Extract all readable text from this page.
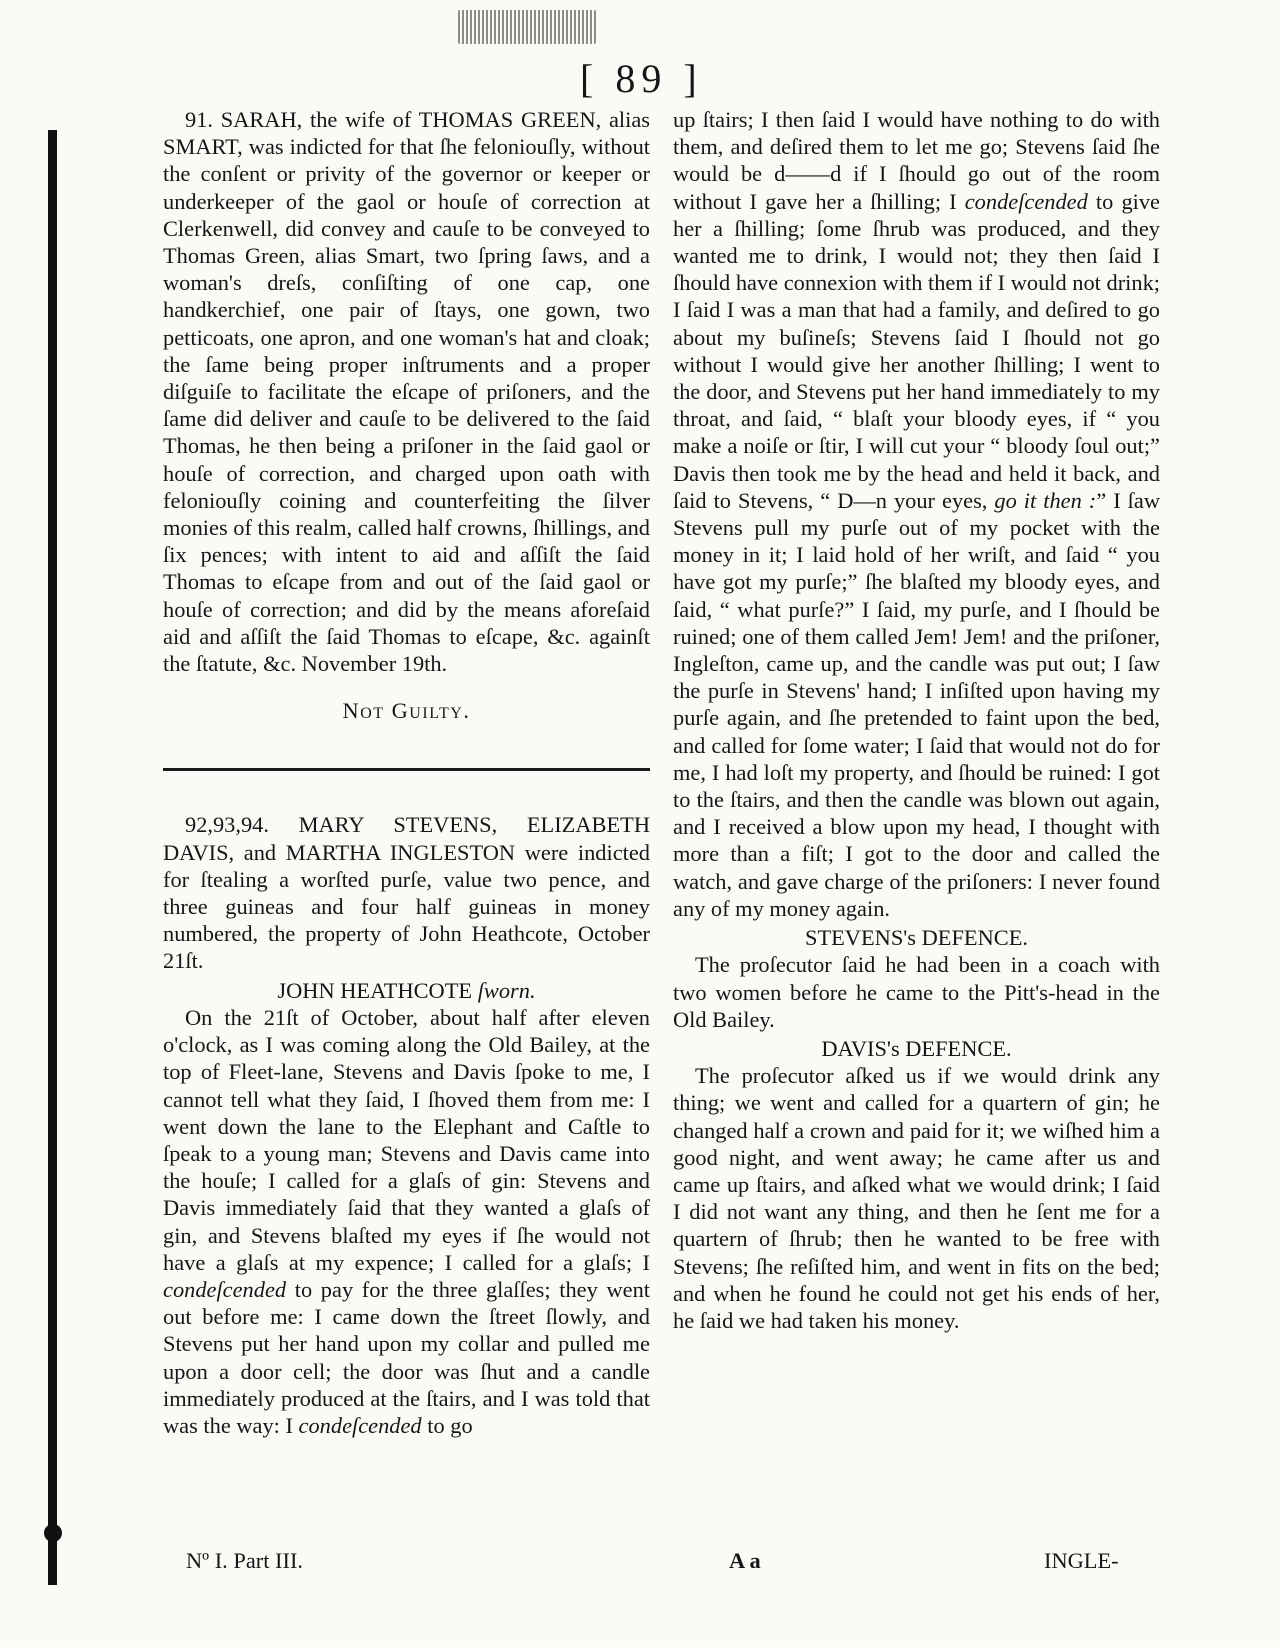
[ 89 ]

91. SARAH, the wife of THOMAS GREEN, alias SMART, was indicted for that ſhe feloniouſly, without the conſent or privity of the governor or keeper or underkeeper of the gaol or houſe of correction at Clerkenwell, did convey and cauſe to be conveyed to Thomas Green, alias Smart, two ſpring ſaws, and a woman's dreſs, conſiſting of one cap, one handkerchief, one pair of ſtays, one gown, two petticoats, one apron, and one woman's hat and cloak; the ſame being proper inſtruments and a proper diſguiſe to facilitate the eſcape of priſoners, and the ſame did deliver and cauſe to be delivered to the ſaid Thomas, he then being a priſoner in the ſaid gaol or houſe of correction, and charged upon oath with feloniouſly coining and counterfeiting the ſilver monies of this realm, called half crowns, ſhillings, and ſix pences; with intent to aid and aſſiſt the ſaid Thomas to eſcape from and out of the ſaid gaol or houſe of correction; and did by the means aforeſaid aid and aſſiſt the ſaid Thomas to eſcape, &c. againſt the ſtatute, &c. November 19th.

Not Guilty.

92,93,94. MARY STEVENS, ELIZABETH DAVIS, and MARTHA INGLESTON were indicted for ſtealing a worſted purſe, value two pence, and three guineas and four half guineas in money numbered, the property of John Heathcote, October 21ſt.

JOHN HEATHCOTE ſworn.

On the 21ſt of October, about half after eleven o'clock, as I was coming along the Old Bailey, at the top of Fleet-lane, Stevens and Davis ſpoke to me, I cannot tell what they ſaid, I ſhoved them from me: I went down the lane to the Elephant and Caſtle to ſpeak to a young man; Stevens and Davis came into the houſe; I called for a glaſs of gin: Stevens and Davis immediately ſaid that they wanted a glaſs of gin, and Stevens blaſted my eyes if ſhe would not have a glaſs at my expence; I called for a glaſs; I condeſcended to pay for the three glaſſes; they went out before me: I came down the ſtreet ſlowly, and Stevens put her hand upon my collar and pulled me upon a door cell; the door was ſhut and a candle immediately produced at the ſtairs, and I was told that was the way: I condeſcended to go

up ſtairs; I then ſaid I would have nothing to do with them, and deſired them to let me go; Stevens ſaid ſhe would be d——d if I ſhould go out of the room without I gave her a ſhilling; I condeſcended to give her a ſhilling; ſome ſhrub was produced, and they wanted me to drink, I would not; they then ſaid I ſhould have connexion with them if I would not drink; I ſaid I was a man that had a family, and deſired to go about my buſineſs; Stevens ſaid I ſhould not go without I would give her another ſhilling; I went to the door, and Stevens put her hand immediately to my throat, and ſaid, “ blaſt your bloody eyes, if “ you make a noiſe or ſtir, I will cut your “ bloody ſoul out;” Davis then took me by the head and held it back, and ſaid to Stevens, “ D—n your eyes, go it then :” I ſaw Stevens pull my purſe out of my pocket with the money in it; I laid hold of her wriſt, and ſaid “ you have got my purſe;” ſhe blaſted my bloody eyes, and ſaid, “ what purſe?” I ſaid, my purſe, and I ſhould be ruined; one of them called Jem! Jem! and the priſoner, Ingleſton, came up, and the candle was put out; I ſaw the purſe in Stevens' hand; I inſiſted upon having my purſe again, and ſhe pretended to faint upon the bed, and called for ſome water; I ſaid that would not do for me, I had loſt my property, and ſhould be ruined: I got to the ſtairs, and then the candle was blown out again, and I received a blow upon my head, I thought with more than a fiſt; I got to the door and called the watch, and gave charge of the priſoners: I never found any of my money again.

STEVENS's DEFENCE.

The proſecutor ſaid he had been in a coach with two women before he came to the Pitt's-head in the Old Bailey.

DAVIS's DEFENCE.

The proſecutor aſked us if we would drink any thing; we went and called for a quartern of gin; he changed half a crown and paid for it; we wiſhed him a good night, and went away; he came after us and came up ſtairs, and aſked what we would drink; I ſaid I did not want any thing, and then he ſent me for a quartern of ſhrub; then he wanted to be free with Stevens; ſhe reſiſted him, and went in fits on the bed; and when he found he could not get his ends of her, he ſaid we had taken his money.

Nº I. Part III.	A a	INGLE-
